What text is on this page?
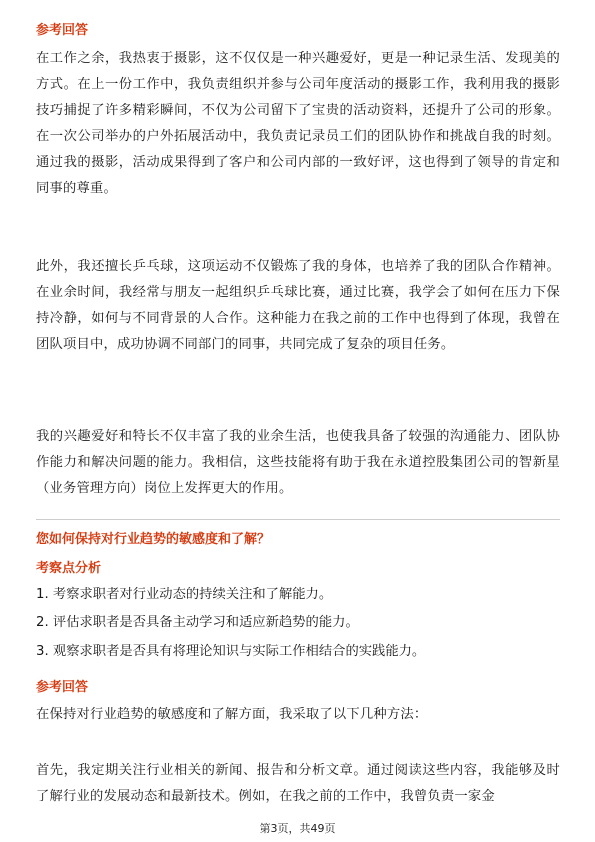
参考回答

在工作之余，我热衷于摄影，这不仅仅是一种兴趣爱好，更是一种记录生活、发现美的方式。在上一份工作中，我负责组织并参与公司年度活动的摄影工作，我利用我的摄影技巧捕捉了许多精彩瞬间，不仅为公司留下了宝贵的活动资料，还提升了公司的形象。在一次公司举办的户外拓展活动中，我负责记录员工们的团队协作和挑战自我的时刻。通过我的摄影，活动成果得到了客户和公司内部的一致好评，这也得到了领导的肯定和同事的尊重。

此外，我还擅长乒乓球，这项运动不仅锻炼了我的身体，也培养了我的团队合作精神。在业余时间，我经常与朋友一起组织乒乓球比赛，通过比赛，我学会了如何在压力下保持冷静，如何与不同背景的人合作。这种能力在我之前的工作中也得到了体现，我曾在团队项目中，成功协调不同部门的同事，共同完成了复杂的项目任务。

我的兴趣爱好和特长不仅丰富了我的业余生活，也使我具备了较强的沟通能力、团队协作能力和解决问题的能力。我相信，这些技能将有助于我在永道控股集团公司的智新星（业务管理方向）岗位上发挥更大的作用。

您如何保持对行业趋势的敏感度和了解？

考察点分析

1. 考察求职者对行业动态的持续关注和了解能力。

2. 评估求职者是否具备主动学习和适应新趋势的能力。

3. 观察求职者是否具有将理论知识与实际工作相结合的实践能力。

参考回答

在保持对行业趋势的敏感度和了解方面，我采取了以下几种方法：

首先，我定期关注行业相关的新闻、报告和分析文章。通过阅读这些内容，我能够及时了解行业的发展动态和最新技术。例如，在我之前的工作中，我曾负责一家金

第3页，共49页
